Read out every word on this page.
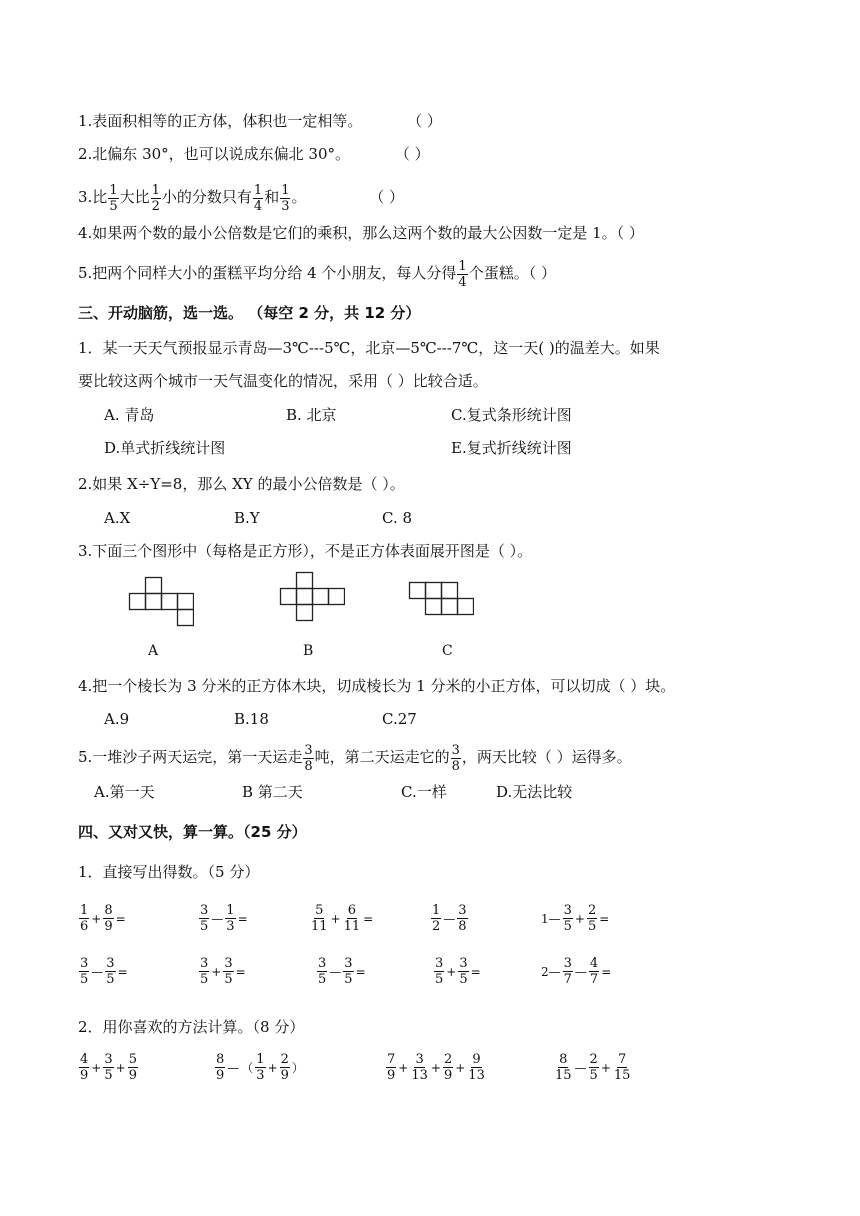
1.表面积相等的正方体，体积也一定相等。	（ ）
2.北偏东 30°，也可以说成东偏北 30°。	（ ）
3.比 $\frac{1}{5}$ 大比 $\frac{1}{2}$ 小的分数只有 $\frac{1}{4}$ 和 $\frac{1}{3}$ 。	（ ）
4.如果两个数的最小公倍数是它们的乘积，那么这两个数的最大公因数一定是 1。（ ）
5.把两个同样大小的蛋糕平均分给 4 个小朋友，每人分得 $\frac{1}{4}$ 个蛋糕。（ ）
三、开动脑筋，选一选。 （每空 2 分，共 12 分）
1．某一天天气预报显示青岛—3℃---5℃，北京—5℃---7℃，这一天( )的温差大。如果
要比较这两个城市一天气温变化的情况，采用（ ）比较合适。
A. 青岛	B. 北京	C.复式条形统计图
D.单式折线统计图	E.复式折线统计图
2.如果 X÷Y=8，那么 XY 的最小公倍数是（ ）。
A.X	B.Y	C. 8
3.下面三个图形中（每格是正方形），不是正方体表面展开图是（ ）。
A	B	C
4.把一个棱长为 3 分米的正方体木块，切成棱长为 1 分米的小正方体，可以切成（ ）块。
A.9	B.18	C.27
5.一堆沙子两天运完，第一天运走 $\frac{3}{8}$ 吨，第二天运走它的 $\frac{3}{8}$ ，两天比较（ ）运得多。
A.第一天	B 第二天	C.一样	D.无法比较
四、又对又快，算一算。（25 分）
1．直接写出得数。（5 分）
$\frac{1}{6} + \frac{8}{9}$ =	$\frac{3}{5}$ — $\frac{1}{3}$ =	$\frac{5}{11} + \frac{6}{11}$ =	$\frac{1}{2}$ — $\frac{3}{8}$	1— $\frac{3}{5} + \frac{2}{5}$ =
$\frac{3}{5}$ — $\frac{3}{5}$ =	$\frac{3}{5} + \frac{3}{5}$ =	$\frac{3}{5}$ — $\frac{3}{5}$ =	$\frac{3}{5} + \frac{3}{5}$ =	2— $\frac{3}{7}$ — $\frac{4}{7}$ =
2．用你喜欢的方法计算。（8 分）
$\frac{4}{9} + \frac{3}{5} + \frac{5}{9}$	$\frac{8}{9}$ — （ $\frac{1}{3} + \frac{2}{9}$ ）	$\frac{7}{9} + \frac{3}{13} + \frac{2}{9} + \frac{9}{13}$	$\frac{8}{15}$ — $\frac{2}{5} + \frac{7}{15}$
